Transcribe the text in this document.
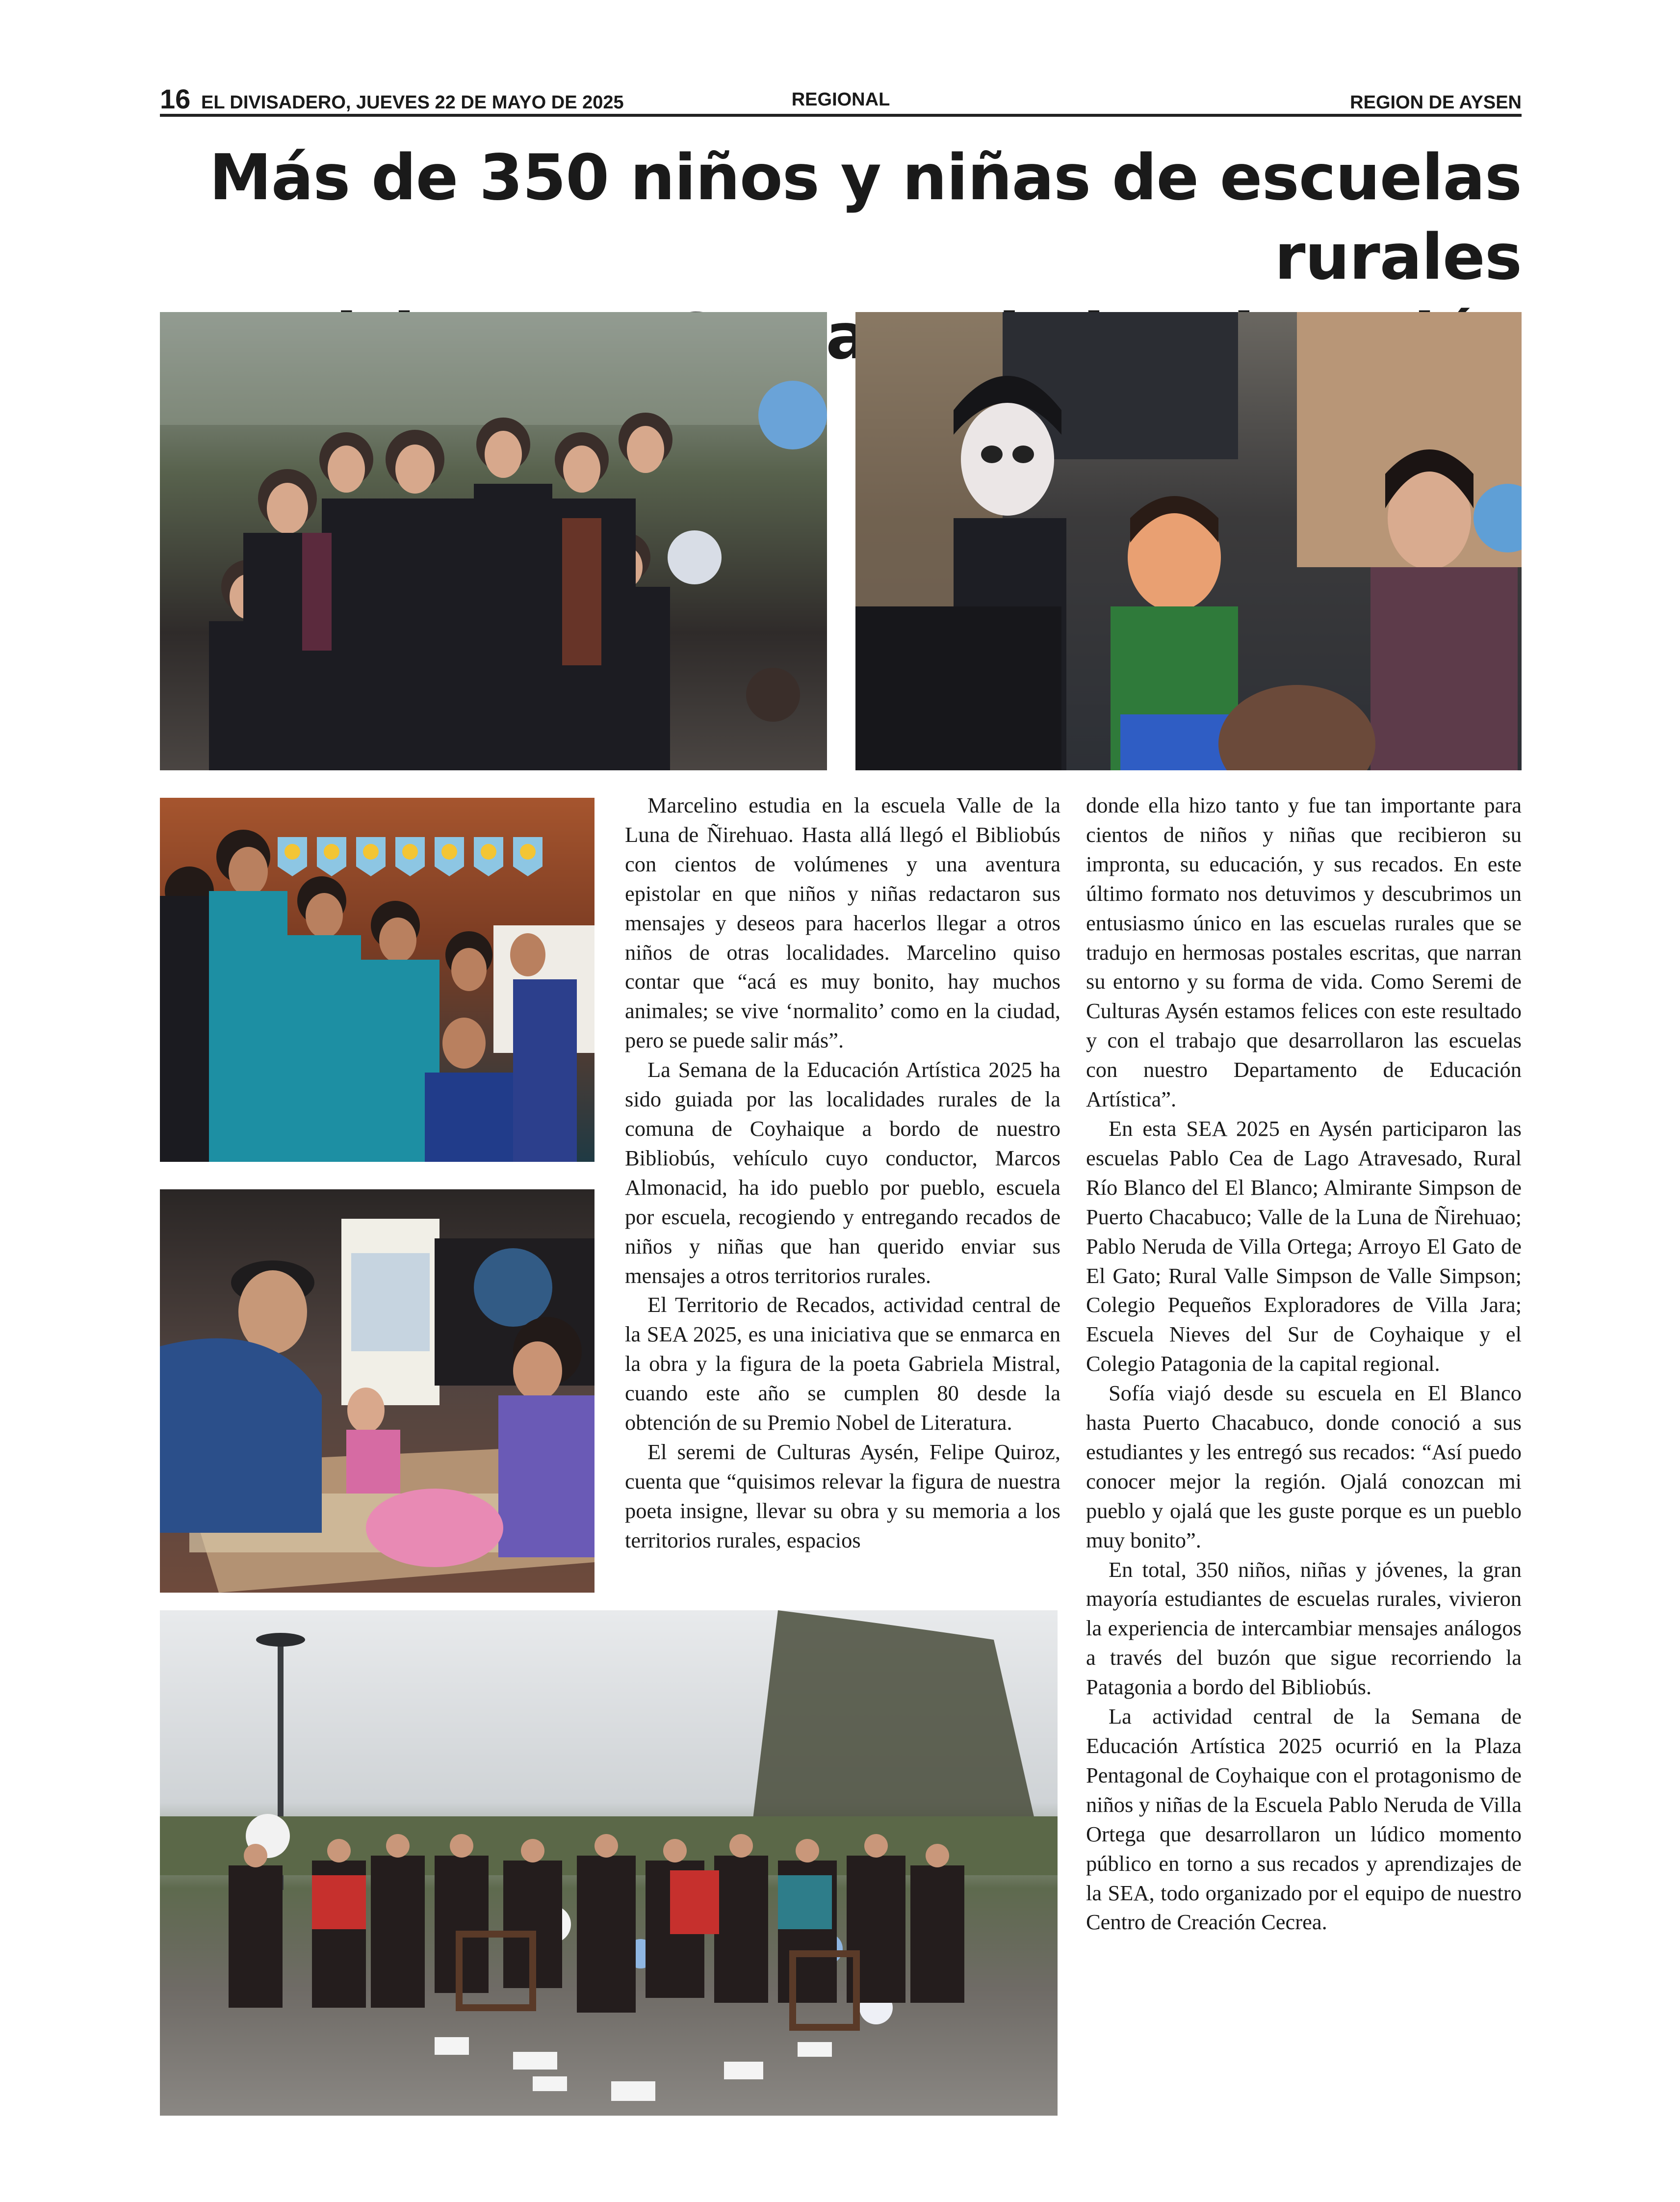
16 EL DIVISADERO, JUEVES 22 DE MAYO DE 2025	REGIONAL	REGION DE AYSEN
Más de 350 niños y niñas de escuelas rurales

Marcelino estudia en la escuela Valle de la Luna de Ñirehuao. Hasta allá llegó el Bibliobús con cientos de volúmenes y una aventura epistolar en que niños y niñas redactaron sus mensajes y deseos para hacerlos llegar a otros niños de otras localidades. Marcelino quiso contar que “acá es muy bonito, hay muchos animales; se vive ‘normalito’ como en la ciudad, pero se puede salir más”.

La Semana de la Educación Artística 2025 ha sido guiada por las localidades rurales de la comuna de Coyhaique a bordo de nuestro Bibliobús, vehículo cuyo conductor, Marcos Almonacid, ha ido pueblo por pueblo, escuela por escuela, recogiendo y entregando recados de niños y niñas que han querido enviar sus mensajes a otros territorios rurales.

El Territorio de Recados, actividad central de la SEA 2025, es una iniciativa que se enmarca en la obra y la figura de la poeta Gabriela Mistral, cuando este año se cumplen 80 desde la obtención de su Premio Nobel de Literatura.

El seremi de Culturas Aysén, Felipe Quiroz, cuenta que “quisimos relevar la figura de nuestra poeta insigne, llevar su obra y su memoria a los territorios rurales, espacios

donde ella hizo tanto y fue tan importante para cientos de niños y niñas que recibieron su impronta, su educación, y sus recados. En este último formato nos detuvimos y descubrimos un entusiasmo único en las escuelas rurales que se tradujo en hermosas postales escritas, que narran su entorno y su forma de vida. Como Seremi de Culturas Aysén estamos felices con este resultado y con el trabajo que desarrollaron las escuelas con nuestro Departamento de Educación Artística”.

En esta SEA 2025 en Aysén participaron las escuelas Pablo Cea de Lago Atravesado, Rural Río Blanco del El Blanco; Almirante Simpson de Puerto Chacabuco; Valle de la Luna de Ñirehuao; Pablo Neruda de Villa Ortega; Arroyo El Gato de El Gato; Rural Valle Simpson de Valle Simpson; Colegio Pequeños Exploradores de Villa Jara; Escuela Nieves del Sur de Coyhaique y el Colegio Patagonia de la capital regional.

Sofía viajó desde su escuela en El Blanco hasta Puerto Chacabuco, donde conoció a sus estudiantes y les entregó sus recados: “Así puedo conocer mejor la región. Ojalá conozcan mi pueblo y ojalá que les guste porque es un pueblo muy bonito”.

En total, 350 niños, niñas y jóvenes, la gran mayoría estudiantes de escuelas rurales, vivieron la experiencia de intercambiar mensajes análogos a través del buzón que sigue recorriendo la Patagonia a bordo del Bibliobús.

La actividad central de la Semana de Educación Artística 2025 ocurrió en la Plaza Pentagonal de Coyhaique con el protagonismo de niños y niñas de la Escuela Pablo Neruda de Villa Ortega que desarrollaron un lúdico momento público en torno a sus recados y aprendizajes de la SEA, todo organizado por el equipo de nuestro Centro de Creación Cecrea.
